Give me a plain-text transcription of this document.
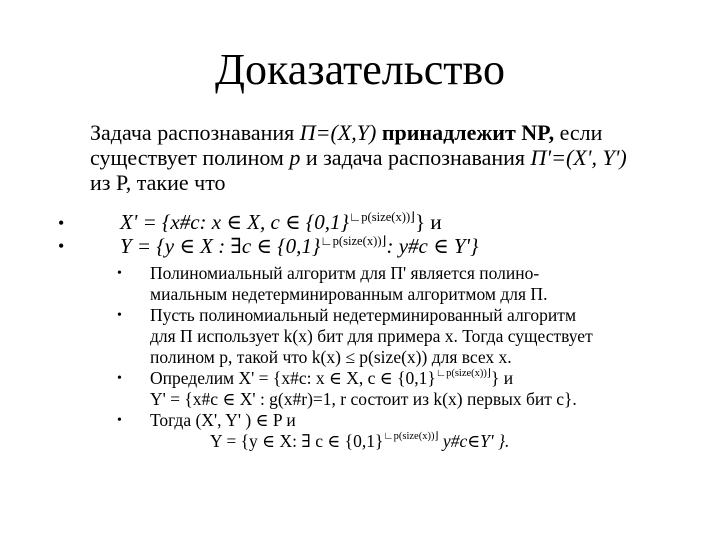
Доказательство
Задача распознавания Π=(X,Y) принадлежит NP, если
существует полином p и задача распознавания Π'=(X', Y')
из P, такие что
•	X' = {x#c: x ∈ X, c ∈ $\{0,1\}^{∟p(size(x))⌋}$} и
•	Y = {y ∈ X : ∃c ∈ $\{0,1\}^{∟p(size(x))⌋}$: y#c ∈ Y'}
• Полиномиальный алгоритм для Π' является полино-
миальным недетерминированным алгоритмом для Π.
• Пусть полиномиальный недетерминированный алгоритм
для Π использует k(x) бит для примера x. Тогда существует
полином p, такой что k(x) ≤ p(size(x)) для всех x.
• Определим X' = {x#c: x ∈ X, c ∈ $\{0,1\}^{∟p(size(x))⌋}$} и
Y' = {x#c ∈ X' : g(x#r)=1, r состоит из k(x) первых бит c}.
• Тогда (X', Y' ) ∈ P и
Y = {y ∈ X: ∃ c ∈ $\{0,1\}^{∟p(size(x))⌋}$ y#c∈Y' }.
